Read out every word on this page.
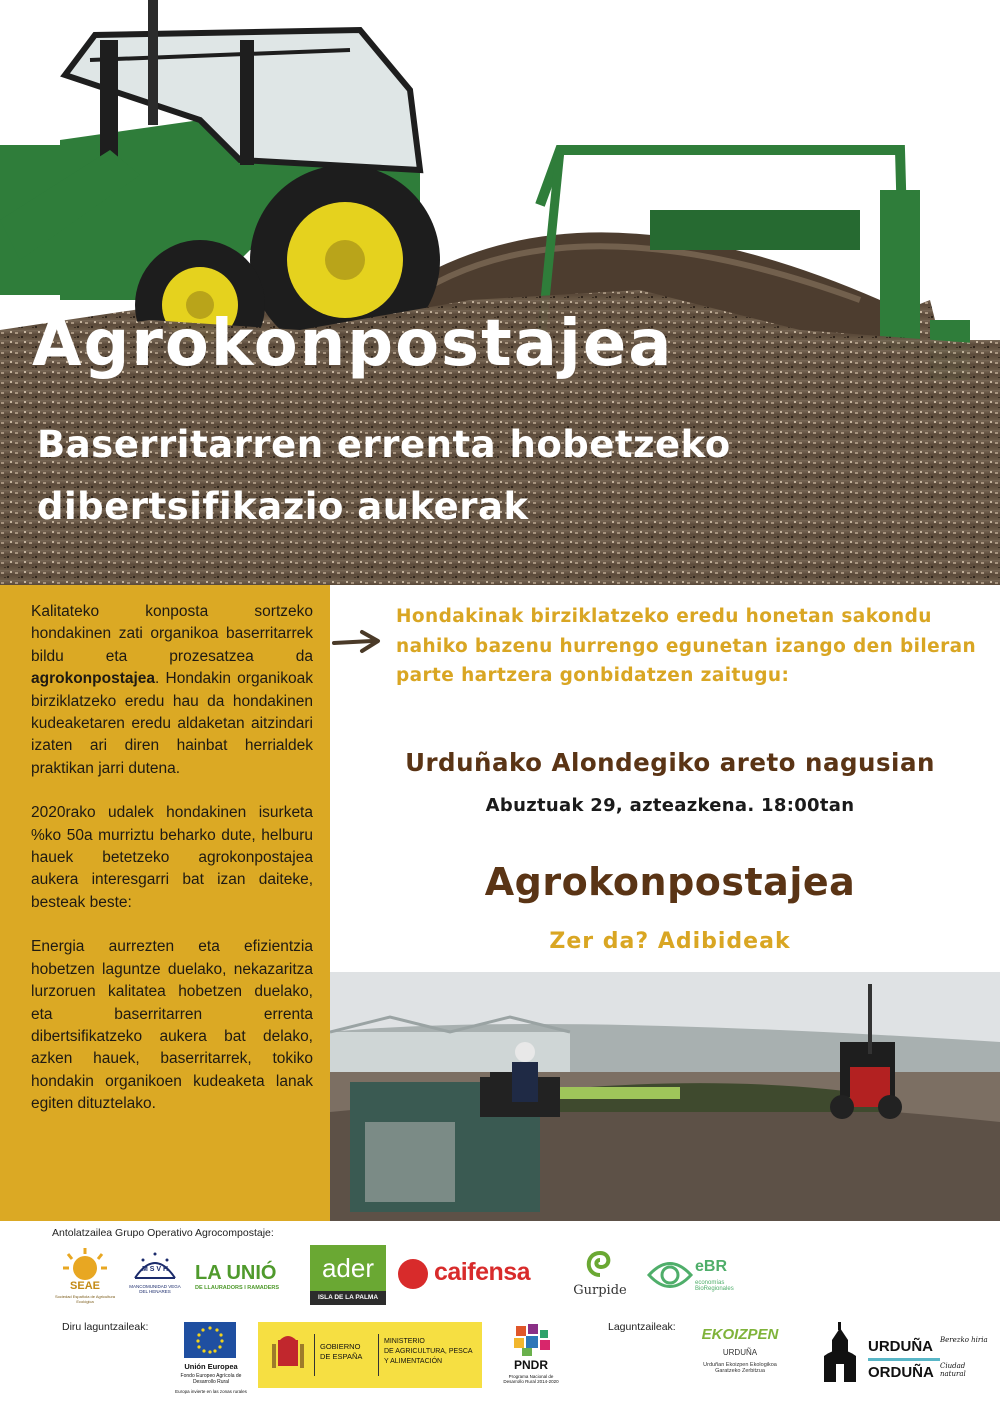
Agrokonpostajea
Baserritarren errenta hobetzeko dibertsifikazio aukerak

Kalitateko konposta sortzeko hondakinen zati organikoa baserritarrek bildu eta prozesatzea da agrokonpostajea. Hondakin organikoak birziklatzeko eredu hau da hondakinen kudeaketaren eredu aldaketan aitzindari izaten ari diren hainbat herrialdek praktikan jarri dutena.

2020rako udalek hondakinen isurketa %ko 50a murriztu beharko dute, helburu hauek betetzeko agrokonpostajea aukera interesgarri bat izan daiteke, besteak beste:

Energia aurrezten eta efizientzia hobetzen laguntze duelako, nekazaritza lurzoruen kalitatea hobetzen duelako, eta baserritarren errenta dibertsifikatzeko aukera bat delako, azken hauek, baserritarrek, tokiko hondakin organikoen kudeaketa lanak egiten dituztelako.

Hondakinak birziklatzeko eredu honetan sakondu nahiko bazenu hurrengo egunetan izango den bileran parte hartzera gonbidatzen zaitugu:
Urduñako Alondegiko areto nagusian
Abuztuak 29, azteazkena. 18:00tan
Agrokonpostajea
Zer da? Adibideak
Antolatzailea Grupo Operativo Agrocompostaje:
SEAE
Sociedad Española de Agricultura Ecológica
M S V H
MANCOMUNIDAD VEGA DEL HENARES
LA UNIÓ
DE LLAURADORS I RAMADERS
ader
ISLA DE LA PALMA
caifensa
Gurpide
eBR
economías BioRegionales
Diru laguntzaileak:	Laguntzaileak:
Unión Europea
Fondo Europeo Agrícola de Desarrollo Rural
Europa invierte en las zonas rurales
GOBIERNO
DE ESPAÑA
MINISTERIO
DE AGRICULTURA, PESCA
Y ALIMENTACIÓN	PNDR
Programa Nacional de Desarrollo Rural 2014-2020
EKOIZPEN
URDUÑA
Urduñan Ekoizpen Ekologikoa Garatzeko Zerbitzua
URDUÑA Berezko hiria
ORDUÑA Ciudad natural
